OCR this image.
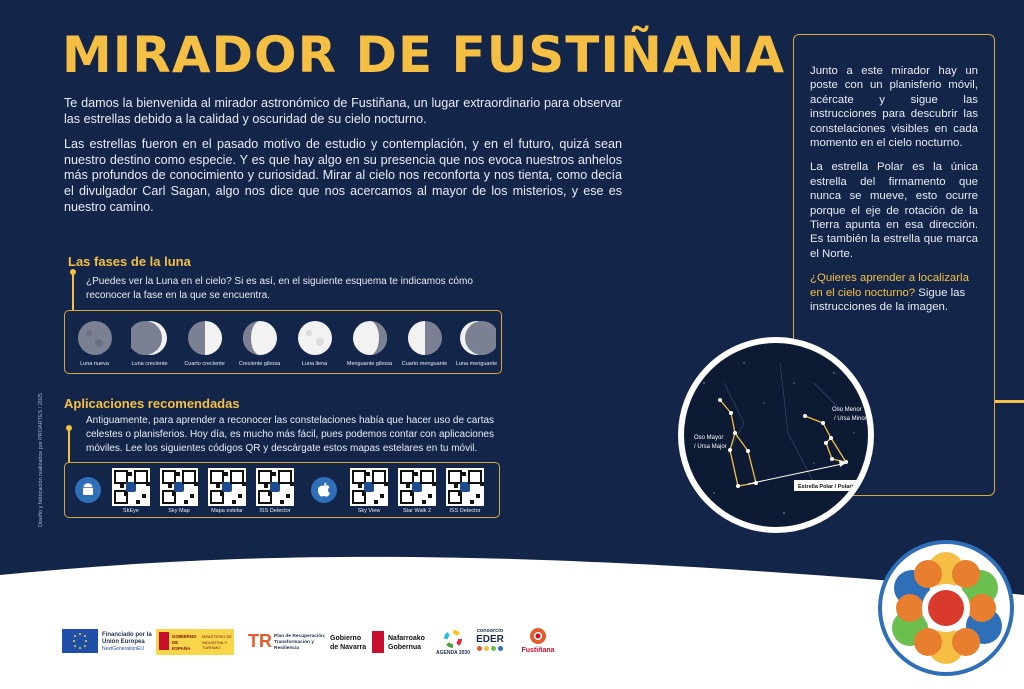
MIRADOR DE FUSTIÑANA

Te damos la bienvenida al mirador astronómico de Fustiñana, un lugar extraordinario para observar las estrellas debido a la calidad y oscuridad de su cielo nocturno.

Las estrellas fueron en el pasado motivo de estudio y contemplación, y en el futuro, quizá sean nuestro destino como especie. Y es que hay algo en su presencia que nos evoca nuestros anhelos más profundos de conocimiento y curiosidad. Mirar al cielo nos reconforta y nos tienta, como decía el divulgador Carl Sagan, algo nos dice que nos acercamos al mayor de los misterios, y ese es nuestro camino.

Diseño y fabricación realizados por PROARTES / 2025
Las fases de la luna
¿Puedes ver la Luna en el cielo? Si es así, en el siguiente esquema te indicamos cómo reconocer la fase en la que se encuentra.
Luna nueva	Luna creciente	Cuarto creciente	Creciente gibosa	Luna llena	Menguante gibosa	Cuarto menguante	Luna menguante
Aplicaciones recomendadas
Antiguamente, para aprender a reconocer las constelaciones había que hacer uso de cartas celestes o planisferios. Hoy día, es mucho más fácil, pues podemos contar con aplicaciones móviles. Lee los siguientes códigos QR y descárgate estos mapas estelares en tu móvil.
SkEye	Sky Map	Mapa estelar	ISS Detector	Sky View	Star Walk 2	ISS Detector

Junto a este mirador hay un poste con un planisferio móvil, acércate y sigue las instrucciones para descubrir las constelaciones visibles en cada momento en el cielo nocturno.

La estrella Polar es la única estrella del firmamento que nunca se mueve, esto ocurre porque el eje de rotación de la Tierra apunta en esa dirección. Es también la estrella que marca el Norte.

¿Quieres aprender a localizarla en el cielo nocturno? Sigue las instrucciones de la imagen.

Estrella Polar / Polaris
Oso Mayor
/ Ursa Major
Oso Menor
/ Ursa Minor
Financiado por la Unión Europea
NextGenerationEU
GOBIERNO DE ESPAÑA
MINISTERIO DE INDUSTRIA Y TURISMO	TR Plan de Recuperación, Transformación y Resiliencia
Gobierno de Navarra
Nafarroako Gobernua
AGENDA 2030
consorcio
EDER

Fustiñana
